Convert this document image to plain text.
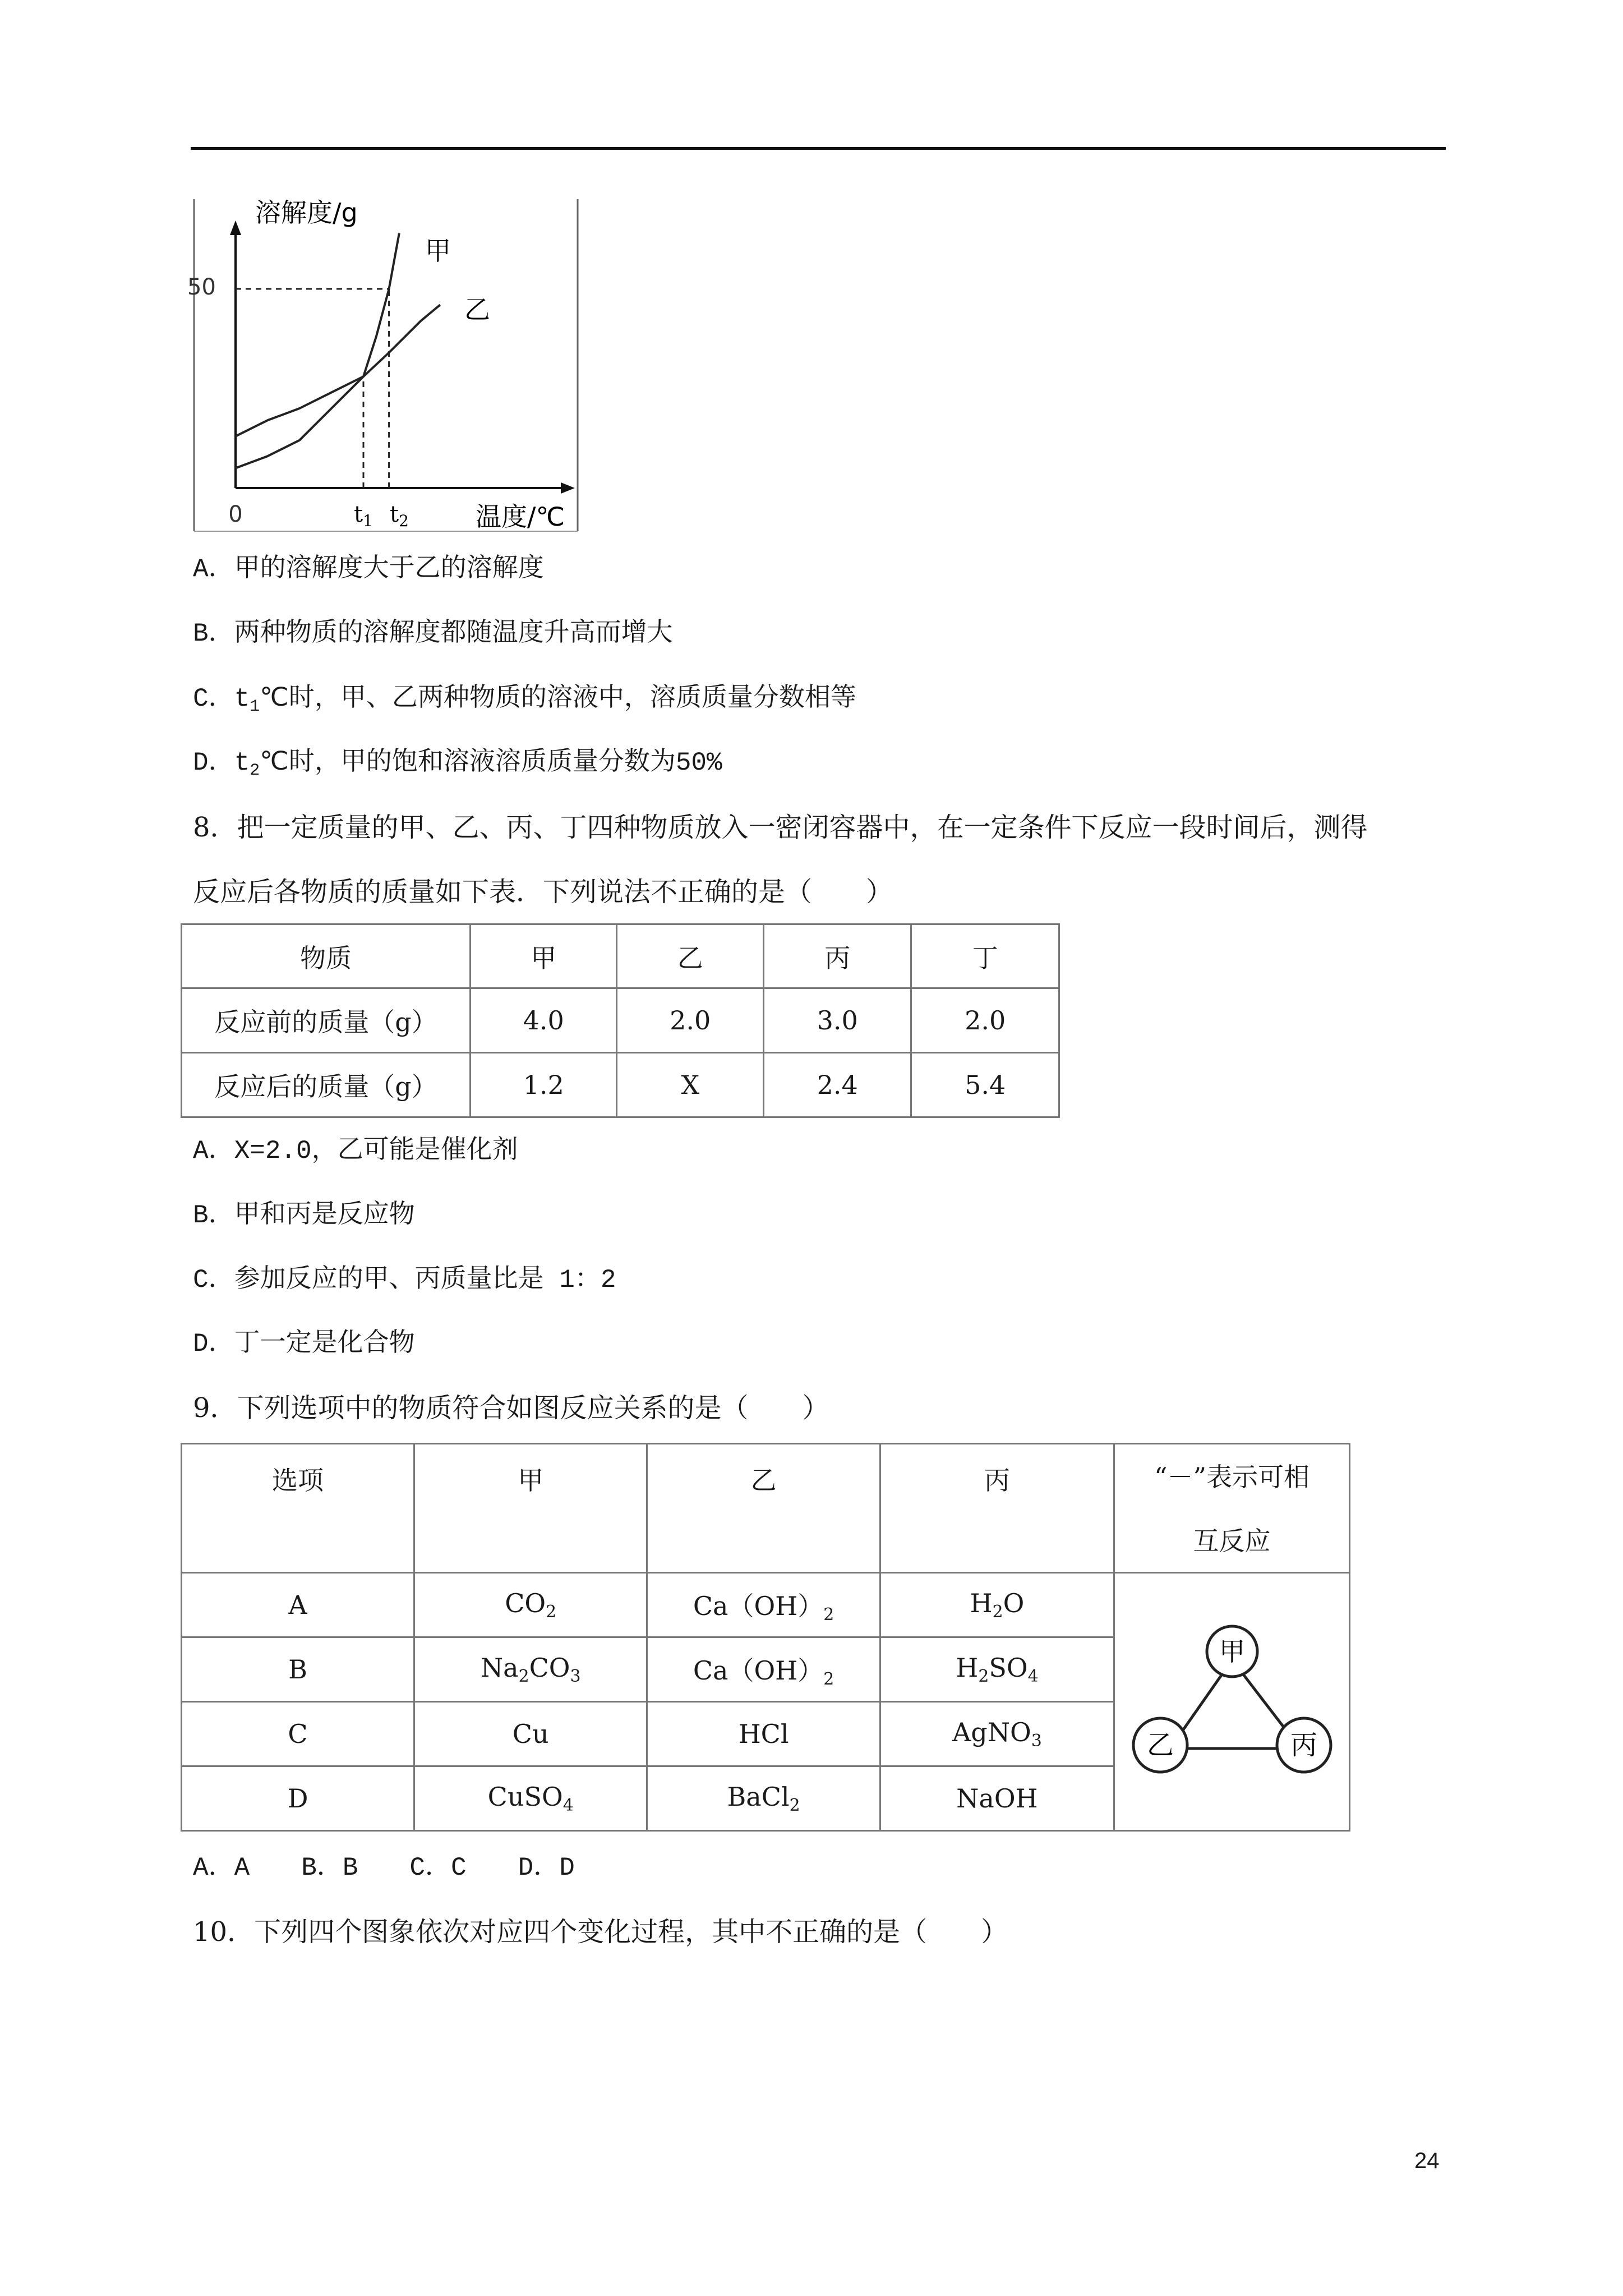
溶解度/g
50
0	$t_1$ $t_2$	温度/℃
甲
乙
A．甲的溶解度大于乙的溶解度
B．两种物质的溶解度都随温度升高而增大
C．$t_1℃$时，甲、乙两种物质的溶液中，溶质质量分数相等
D．$t_2℃$时，甲的饱和溶液溶质质量分数为50%
8．把一定质量的甲、乙、丙、丁四种物质放入一密闭容器中，在一定条件下反应一段时间后，测得
反应后各物质的质量如下表．下列说法不正确的是（　　）
物质	甲	乙	丙	丁
反应前的质量（g）	4.0	2.0	3.0	2.0
反应后的质量（g）	1.2	X	2.4	5.4
A．X=2.0，乙可能是催化剂
B．甲和丙是反应物
C．参加反应的甲、丙质量比是 1：2
D．丁一定是化合物
9．下列选项中的物质符合如图反应关系的是（　　）
选项	甲	乙	丙	“－”表示可相
互反应

A	$CO_2$	$Ca(OH)_2$	$H_2O$	甲
乙 丙

B	$Na_2CO_3$	$Ca(OH)_2$	$H_2SO_4$
C	Cu	HCl	AgNO$_3$
D	CuSO$_4$	BaCl$_2$	NaOH	
A．A　　B．B　　C．C　　D．D
10．下列四个图象依次对应四个变化过程，其中不正确的是（　　）
24
